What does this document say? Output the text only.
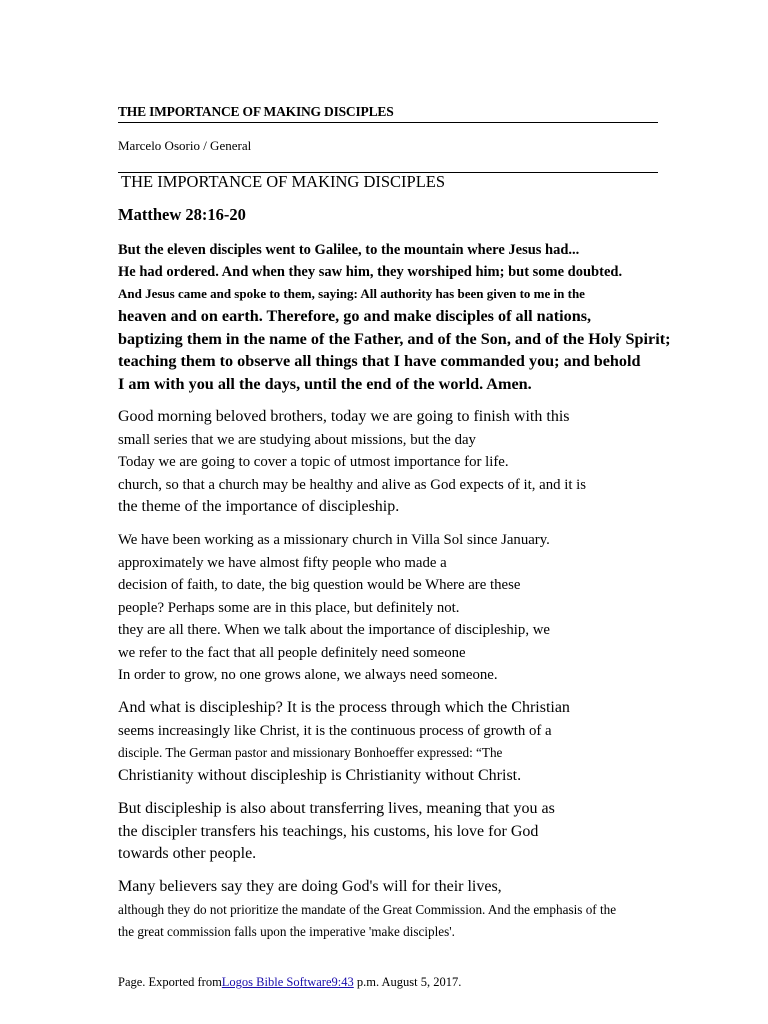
THE IMPORTANCE OF MAKING DISCIPLES
Marcelo Osorio / General
THE IMPORTANCE OF MAKING DISCIPLES
Matthew 28:16-20
But the eleven disciples went to Galilee, to the mountain where Jesus had...
He had ordered. And when they saw him, they worshiped him; but some doubted.
And Jesus came and spoke to them, saying: All authority has been given to me in the
heaven and on earth. Therefore, go and make disciples of all nations,
baptizing them in the name of the Father, and of the Son, and of the Holy Spirit;
teaching them to observe all things that I have commanded you; and behold
I am with you all the days, until the end of the world. Amen.
Good morning beloved brothers, today we are going to finish with this
small series that we are studying about missions, but the day
Today we are going to cover a topic of utmost importance for life.
church, so that a church may be healthy and alive as God expects of it, and it is
the theme of the importance of discipleship.
We have been working as a missionary church in Villa Sol since January.
approximately we have almost fifty people who made a
decision of faith, to date, the big question would be Where are these
people? Perhaps some are in this place, but definitely not.
they are all there. When we talk about the importance of discipleship, we
we refer to the fact that all people definitely need someone
In order to grow, no one grows alone, we always need someone.
And what is discipleship? It is the process through which the Christian
seems increasingly like Christ, it is the continuous process of growth of a
disciple. The German pastor and missionary Bonhoeffer expressed: “The
Christianity without discipleship is Christianity without Christ.
But discipleship is also about transferring lives, meaning that you as
the discipler transfers his teachings, his customs, his love for God
towards other people.
Many believers say they are doing God's will for their lives,
although they do not prioritize the mandate of the Great Commission. And the emphasis of the
the great commission falls upon the imperative 'make disciples'.
Page. Exported fromLogos Bible Software9:43 p.m. August 5, 2017.
